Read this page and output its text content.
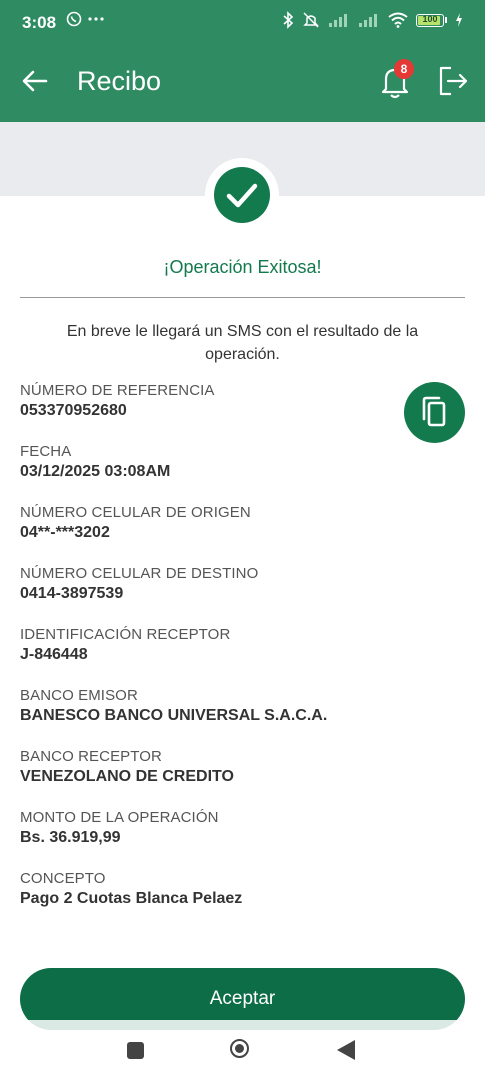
3:08	100
Recibo	8
¡Operación Exitosa!
En breve le llegará un SMS con el resultado de la operación.
NÚMERO DE REFERENCIA
053370952680
FECHA
03/12/2025 03:08AM
NÚMERO CELULAR DE ORIGEN
04**-***3202
NÚMERO CELULAR DE DESTINO
0414-3897539
IDENTIFICACIÓN RECEPTOR
J-846448
BANCO EMISOR
BANESCO BANCO UNIVERSAL S.A.C.A.
BANCO RECEPTOR
VENEZOLANO DE CREDITO
MONTO DE LA OPERACIÓN
Bs. 36.919,99
CONCEPTO
Pago 2 Cuotas Blanca Pelaez
Aceptar
